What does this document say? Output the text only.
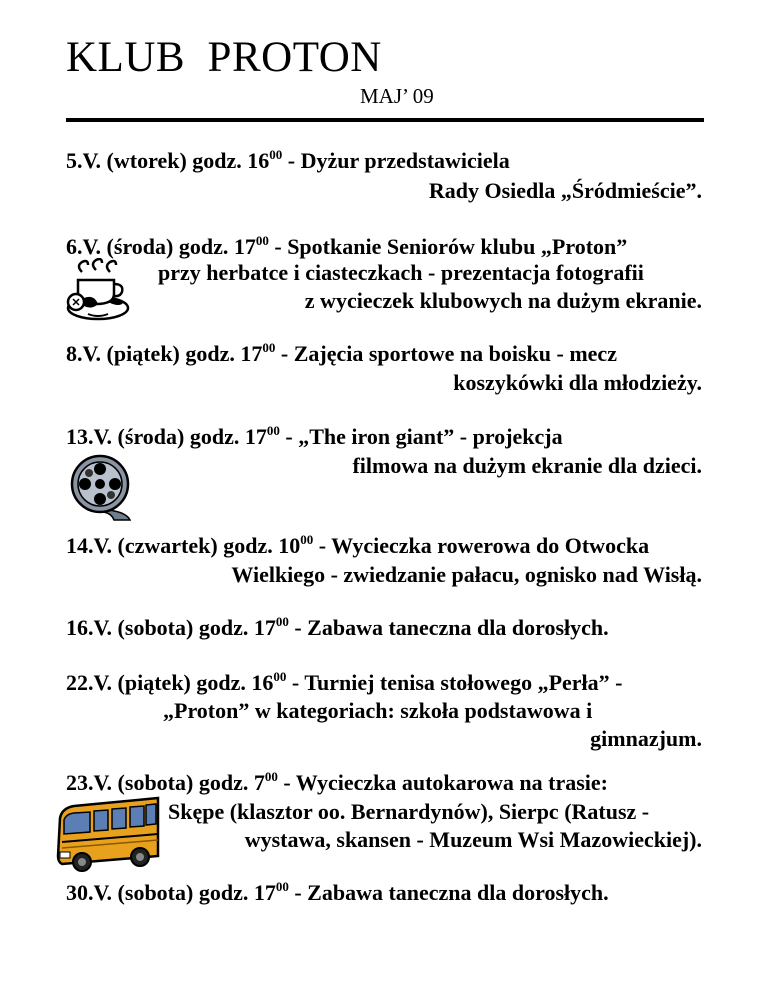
KLUB  PROTON
MAJ’ 09
5.V. (wtorek) godz. $16^{00}$ - Dyżur przedstawiciela
Rady Osiedla „Śródmieście”.
6.V. (środa) godz. $17^{00}$ - Spotkanie Seniorów klubu „Proton”
przy herbatce i ciasteczkach - prezentacja fotografii
z wycieczek klubowych na dużym ekranie.
8.V. (piątek) godz. $17^{00}$ - Zajęcia sportowe na boisku - mecz
koszykówki dla młodzieży.
13.V. (środa) godz. $17^{00}$ - „The iron giant” - projekcja
filmowa na dużym ekranie dla dzieci.
14.V. (czwartek) godz. $10^{00}$ - Wycieczka rowerowa do Otwocka
Wielkiego - zwiedzanie pałacu, ognisko nad Wisłą.
16.V. (sobota) godz. $17^{00}$ - Zabawa taneczna dla dorosłych.
22.V. (piątek) godz. $16^{00}$ - Turniej tenisa stołowego „Perła” -
„Proton” w kategoriach: szkoła podstawowa i
gimnazjum.
23.V. (sobota) godz. $7^{00}$ - Wycieczka autokarowa na trasie:
Skępe (klasztor oo. Bernardynów), Sierpc (Ratusz -
wystawa, skansen - Muzeum Wsi Mazowieckiej).
30.V. (sobota) godz. $17^{00}$ - Zabawa taneczna dla dorosłych.
